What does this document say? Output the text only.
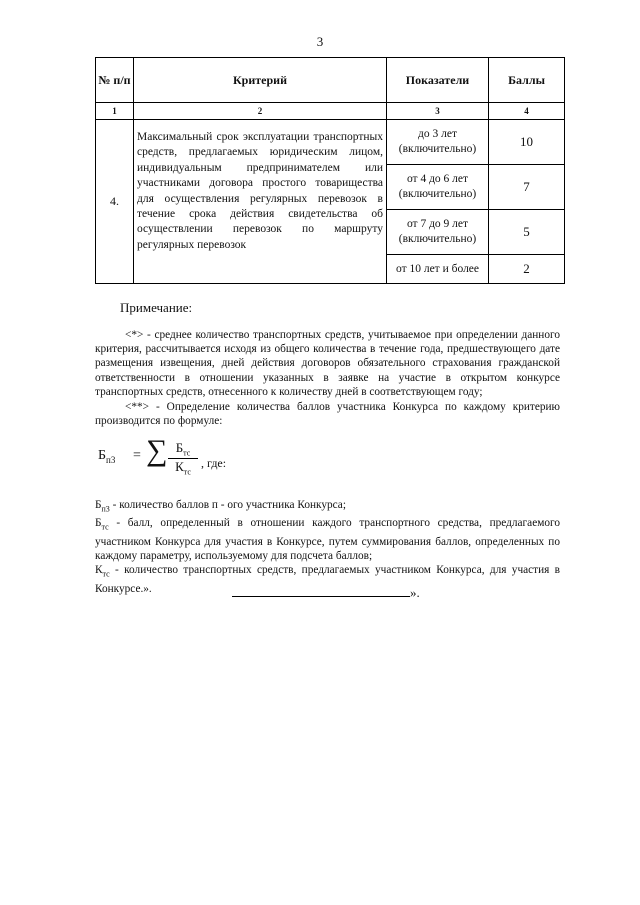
3
№ п/п	Критерий	Показатели	Баллы
1	2	3	4
4.	Максимальный срок эксплуатации транспортных средств, предлагаемых юридическим лицом, индивидуальным предпринимателем или участниками договора простого товарищества для осуществления регулярных перевозок в течение срока действия свидетельства об осуществлении перевозок по маршруту регулярных перевозок	до 3 лет (включительно)	10
		от 4 до 6 лет (включительно)	7
		от 7 до 9 лет (включительно)	5
		от 10 лет и более	2
Примечание:

<*> - среднее количество транспортных средств, учитываемое при определении данного критерия, рассчитывается исходя из общего количества в течение года, предшествующего дате размещения извещения, дней действия договоров обязательного страхования гражданской ответственности в отношении указанных в заявке на участие в открытом конкурсе транспортных средств, отнесенного к количеству дней в соответствующем году;

<**> - Определение количества баллов участника Конкурса по каждому критерию производится по формуле:

$Б_{п3}$ = ∑ $Б_{тс}$
$К_{тс}$
, где:

$Б_{п3}$ - количество баллов п - ого участника Конкурса;

$Б_{тс}$ - балл, определенный в отношении каждого транспортного средства, предлагаемого участником Конкурса для участия в Конкурсе, путем суммирования баллов, определенных по каждому параметру, используемому для подсчета баллов;

$К_{тс}$ - количество транспортных средств, предлагаемых участником Конкурса, для участия в Конкурсе.».	».
